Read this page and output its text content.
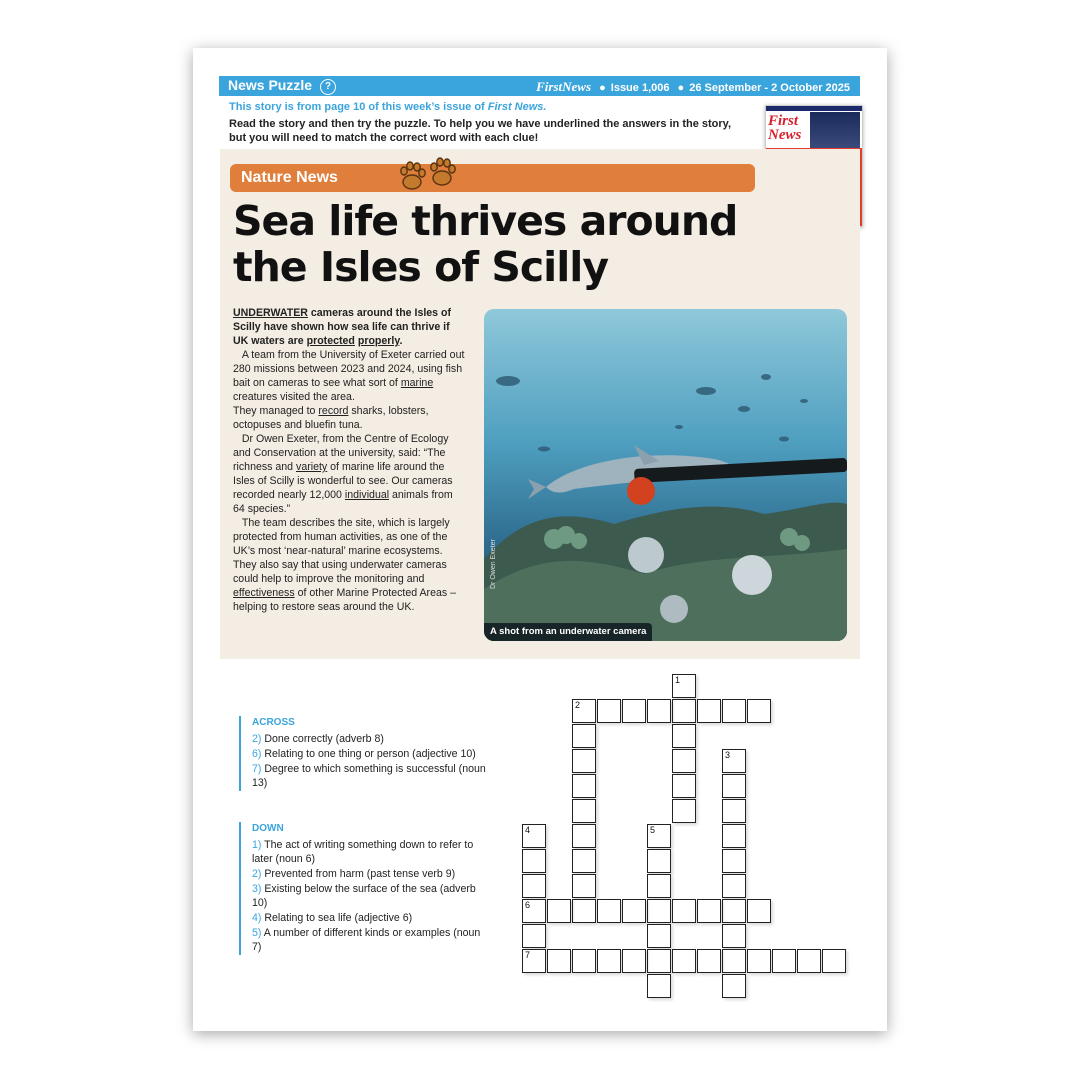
News Puzzle ?	FirstNews ● Issue 1,006 ● 26 September - 2 October 2025
This story is from page 10 of this week’s issue of First News.
Read the story and then try the puzzle. To help you we have underlined the answers in the story, but you will need to match the correct word with each clue!
First
News
Nature News
Sea life thrives around the Isles of Scilly

UNDERWATER cameras around the Isles of Scilly have shown how sea life can thrive if UK waters are protected properly.

A team from the University of Exeter carried out 280 missions between 2023 and 2024, using fish bait on cameras to see what sort of marine creatures visited the area.

They managed to record sharks, lobsters, octopuses and bluefin tuna.

Dr Owen Exeter, from the Centre of Ecology and Conservation at the university, said: “The richness and variety of marine life around the Isles of Scilly is wonderful to see. Our cameras recorded nearly 12,000 individual animals from 64 species.”

The team describes the site, which is largely protected from human activities, as one of the UK’s most ‘near-natural’ marine ecosystems. They also say that using underwater cameras could help to improve the monitoring and effectiveness of other Marine Protected Areas – helping to restore seas around the UK.

Dr Owen Exeter
A shot from an underwater camera
ACROSS
2) Done correctly (adverb 8)
6) Relating to one thing or person (adjective 10)
7) Degree to which something is successful (noun 13)
DOWN
1) The act of writing something down to refer to later (noun 6)
2) Prevented from harm (past tense verb 9)
3) Existing below the surface of the sea (adverb 10)
4) Relating to sea life (adjective 6)
5) A number of different kinds or examples (noun 7)
1
2
3
4
6
7
5
